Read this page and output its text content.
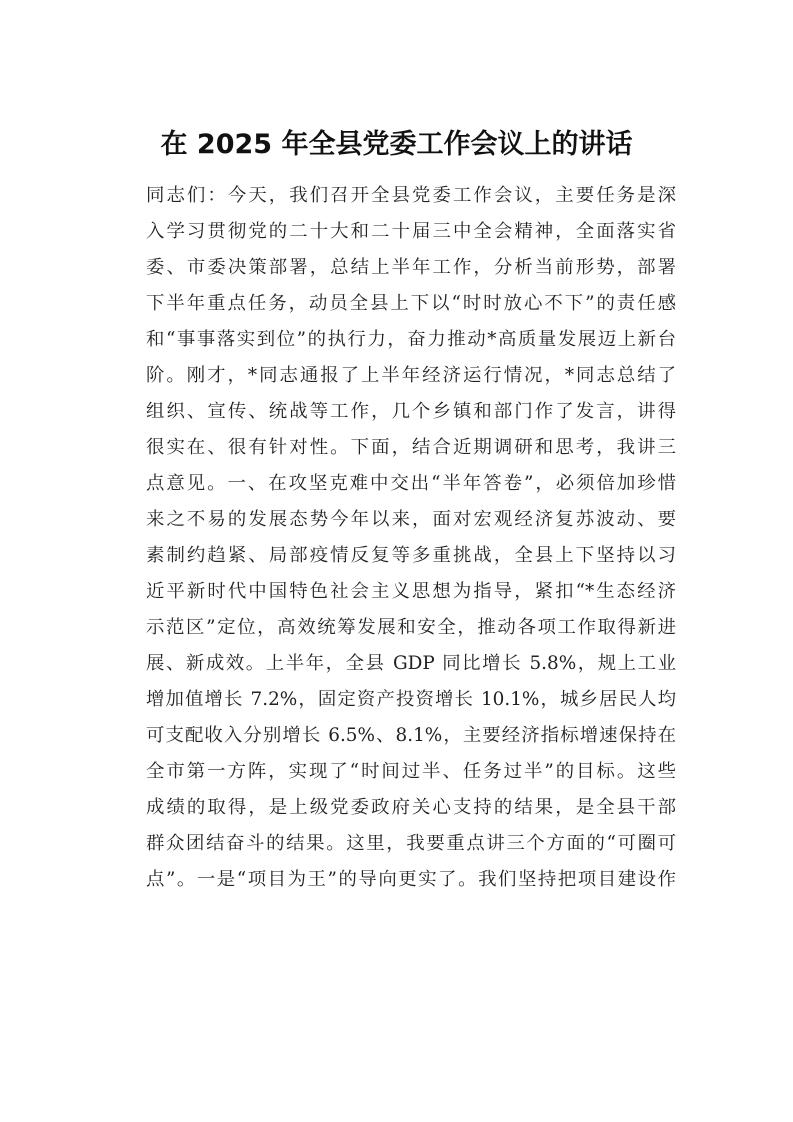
在 2025 年全县党委工作会议上的讲话
同志们：今天，我们召开全县党委工作会议，主要任务是深
入学习贯彻党的二十大和二十届三中全会精神，全面落实省
委、市委决策部署，总结上半年工作，分析当前形势，部署
下半年重点任务，动员全县上下以“时时放心不下”的责任感
和“事事落实到位”的执行力，奋力推动*高质量发展迈上新台
阶。刚才，*同志通报了上半年经济运行情况，*同志总结了
组织、宣传、统战等工作，几个乡镇和部门作了发言，讲得
很实在、很有针对性。下面，结合近期调研和思考，我讲三
点意见。一、在攻坚克难中交出“半年答卷”，必须倍加珍惜
来之不易的发展态势今年以来，面对宏观经济复苏波动、要
素制约趋紧、局部疫情反复等多重挑战，全县上下坚持以习
近平新时代中国特色社会主义思想为指导，紧扣“*生态经济
示范区”定位，高效统筹发展和安全，推动各项工作取得新进
展、新成效。上半年，全县 GDP 同比增长 5.8%，规上工业
增加值增长 7.2%，固定资产投资增长 10.1%，城乡居民人均
可支配收入分别增长 6.5%、8.1%，主要经济指标增速保持在
全市第一方阵，实现了“时间过半、任务过半”的目标。这些
成绩的取得，是上级党委政府关心支持的结果，是全县干部
群众团结奋斗的结果。这里，我要重点讲三个方面的“可圈可
点”。一是“项目为王”的导向更实了。我们坚持把项目建设作
